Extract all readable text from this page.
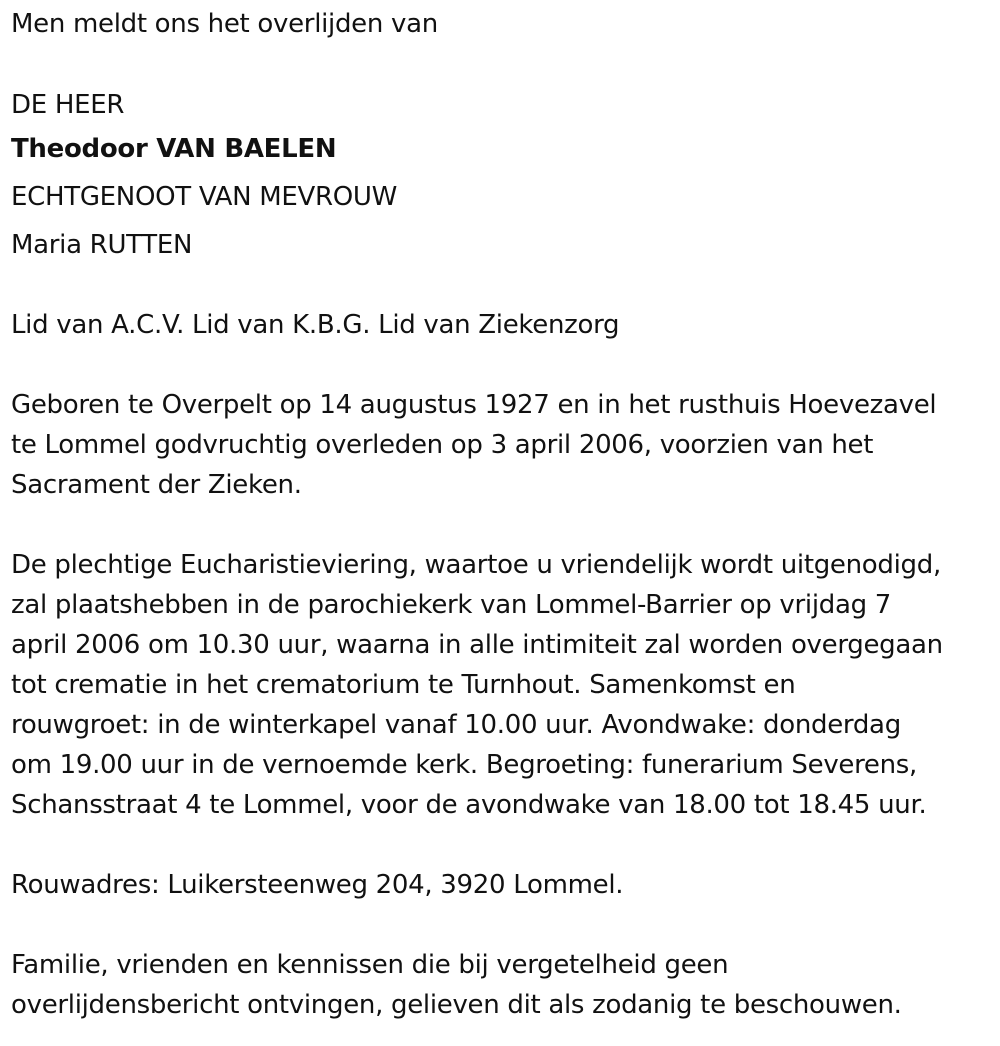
Men meldt ons het overlijden van
DE HEER
Theodoor VAN BAELEN
ECHTGENOOT VAN MEVROUW
Maria RUTTEN
Lid van A.C.V. Lid van K.B.G. Lid van Ziekenzorg
Geboren te Overpelt op 14 augustus 1927 en in het rusthuis Hoevezavel
te Lommel godvruchtig overleden op 3 april 2006, voorzien van het
Sacrament der Zieken.
De plechtige Eucharistieviering, waartoe u vriendelijk wordt uitgenodigd,
zal plaatshebben in de parochiekerk van Lommel-Barrier op vrijdag 7
april 2006 om 10.30 uur, waarna in alle intimiteit zal worden overgegaan
tot crematie in het crematorium te Turnhout. Samenkomst en
rouwgroet: in de winterkapel vanaf 10.00 uur. Avondwake: donderdag
om 19.00 uur in de vernoemde kerk. Begroeting: funerarium Severens,
Schansstraat 4 te Lommel, voor de avondwake van 18.00 tot 18.45 uur.
Rouwadres: Luikersteenweg 204, 3920 Lommel.
Familie, vrienden en kennissen die bij vergetelheid geen
overlijdensbericht ontvingen, gelieven dit als zodanig te beschouwen.
